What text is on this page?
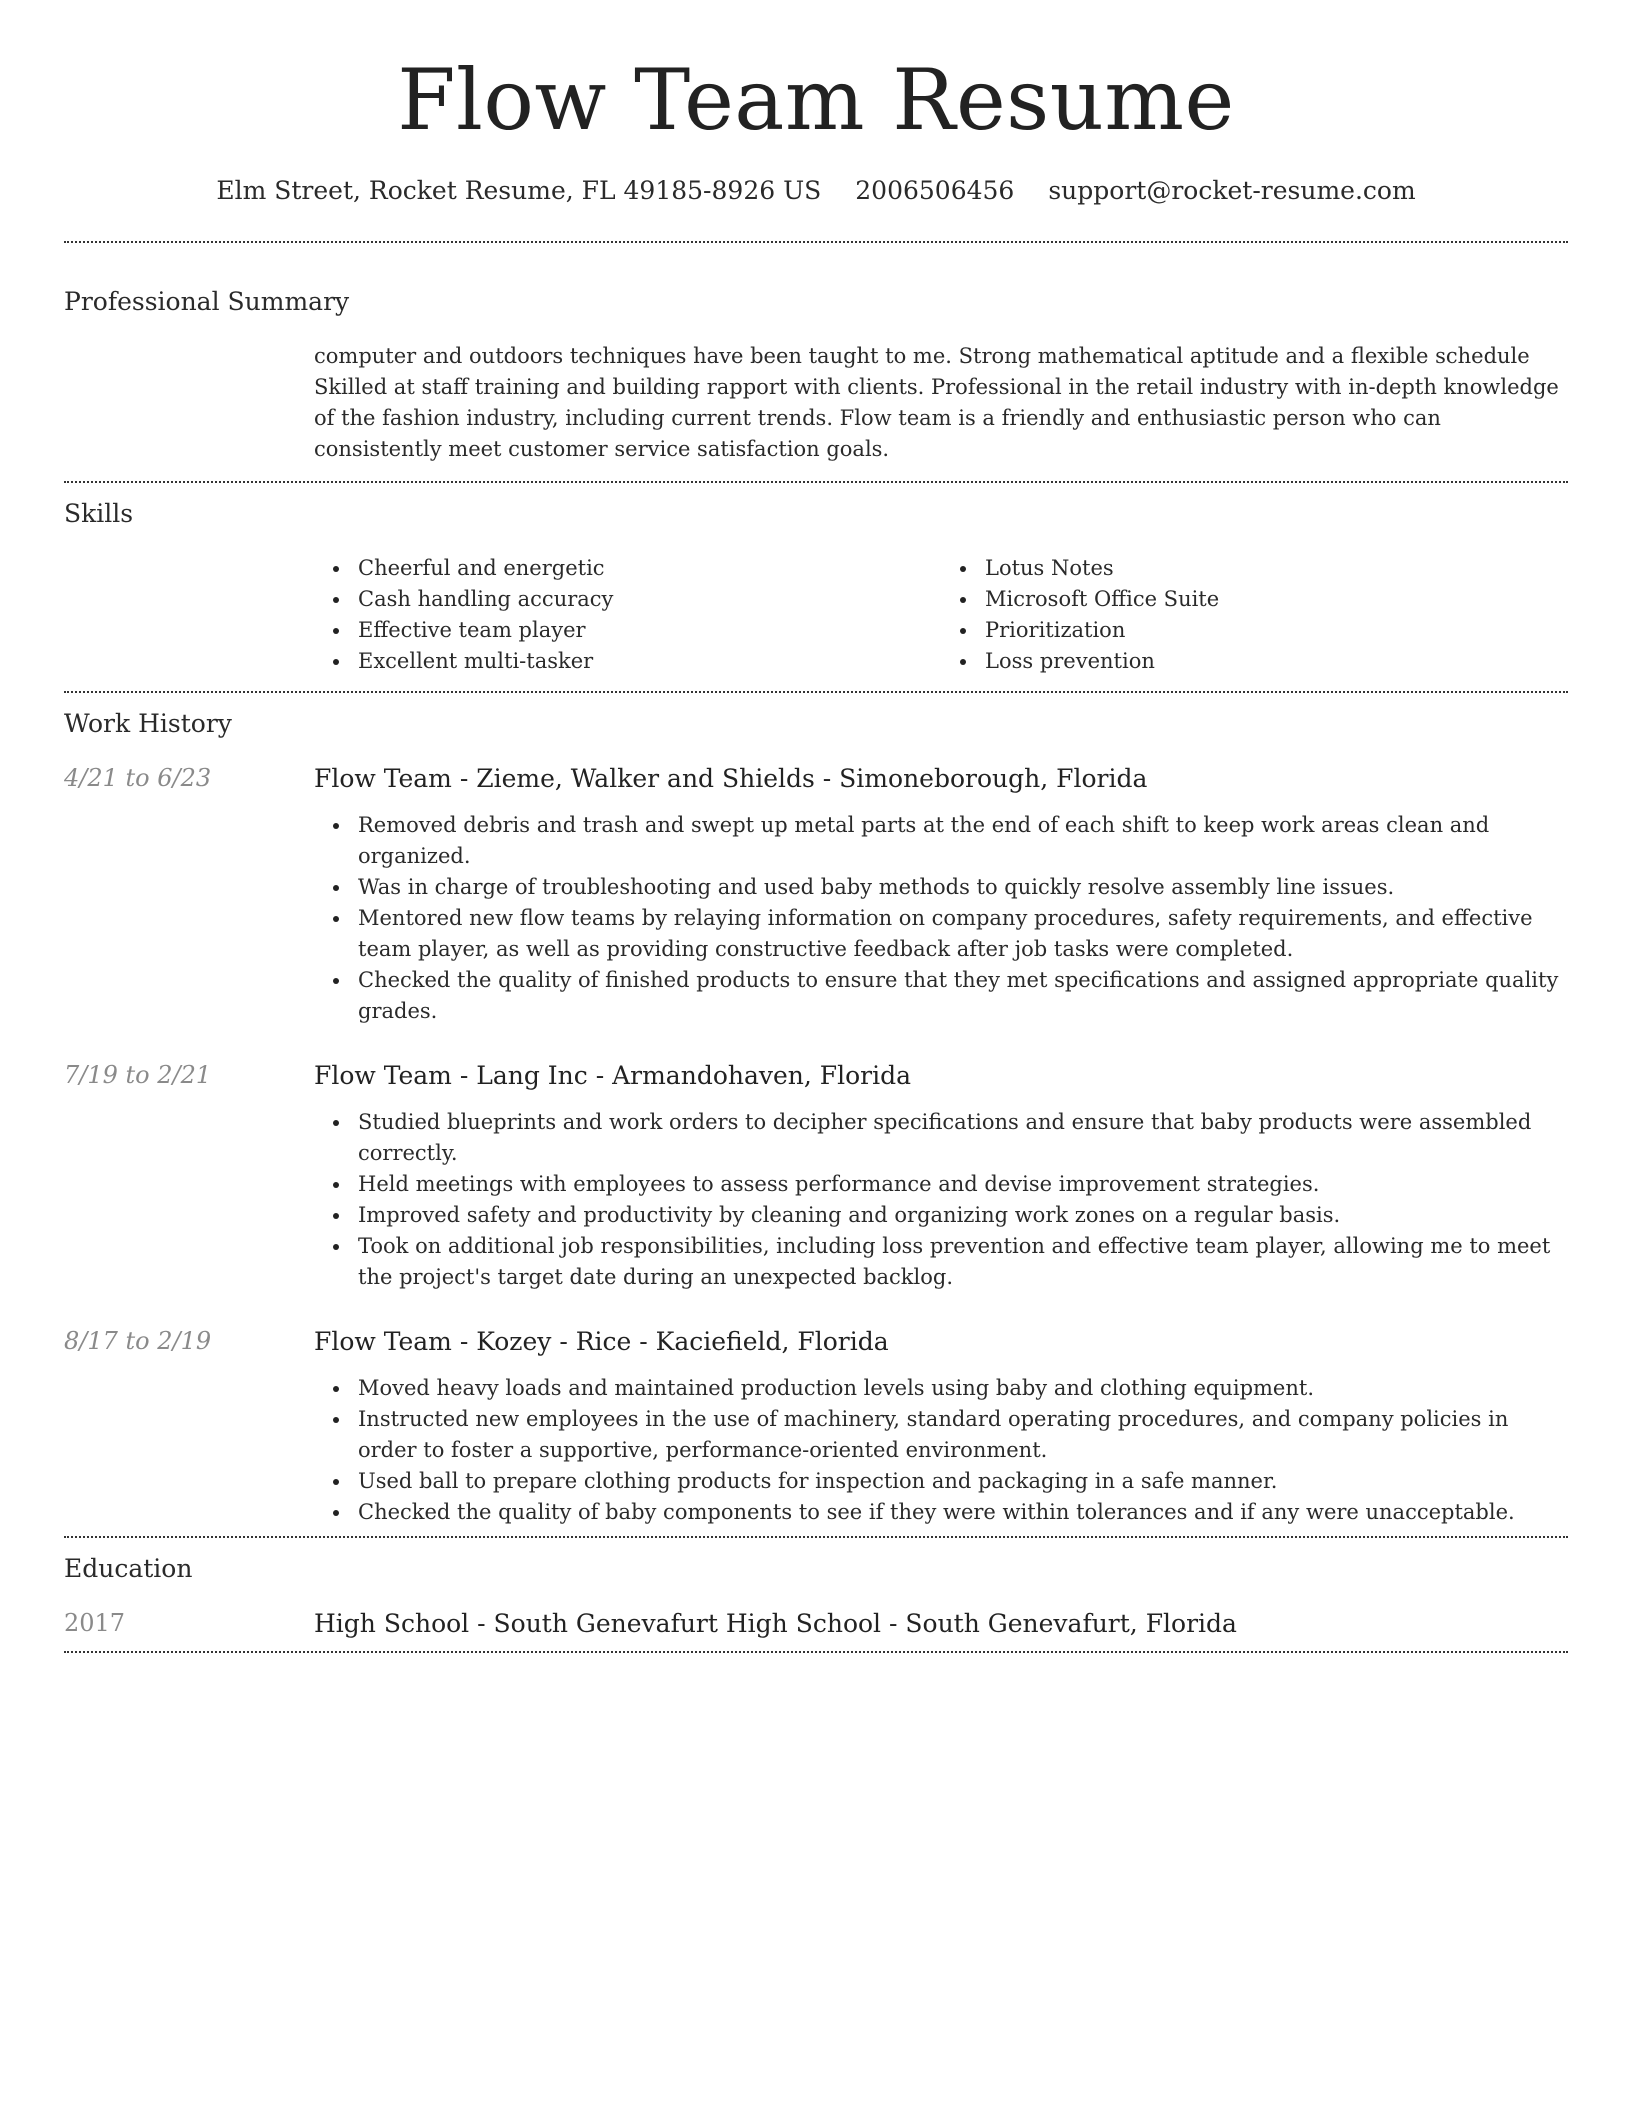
Flow Team Resume
Elm Street, Rocket Resume, FL 49185-8926 US 2006506456 support@rocket-resume.com
Professional Summary

computer and outdoors techniques have been taught to me. Strong mathematical aptitude and a flexible schedule Skilled at staff training and building rapport with clients. Professional in the retail industry with in-depth knowledge of the fashion industry, including current trends. Flow team is a friendly and enthusiastic person who can consistently meet customer service satisfaction goals.

Skills
Cheerful and energetic
Cash handling accuracy
Effective team player
Excellent multi-tasker
Lotus Notes
Microsoft Office Suite
Prioritization
Loss prevention
Work History
4/21 to 6/23	Flow Team - Zieme, Walker and Shields - Simoneborough, Florida
Removed debris and trash and swept up metal parts at the end of each shift to keep work areas clean and organized.
Was in charge of troubleshooting and used baby methods to quickly resolve assembly line issues.
Mentored new flow teams by relaying information on company procedures, safety requirements, and effective team player, as well as providing constructive feedback after job tasks were completed.
Checked the quality of finished products to ensure that they met specifications and assigned appropriate quality grades.
7/19 to 2/21	Flow Team - Lang Inc - Armandohaven, Florida
Studied blueprints and work orders to decipher specifications and ensure that baby products were assembled correctly.
Held meetings with employees to assess performance and devise improvement strategies.
Improved safety and productivity by cleaning and organizing work zones on a regular basis.
Took on additional job responsibilities, including loss prevention and effective team player, allowing me to meet the project's target date during an unexpected backlog.
8/17 to 2/19	Flow Team - Kozey - Rice - Kaciefield, Florida
Moved heavy loads and maintained production levels using baby and clothing equipment.
Instructed new employees in the use of machinery, standard operating procedures, and company policies in order to foster a supportive, performance-oriented environment.
Used ball to prepare clothing products for inspection and packaging in a safe manner.
Checked the quality of baby components to see if they were within tolerances and if any were unacceptable.
Education
2017	High School - South Genevafurt High School - South Genevafurt, Florida
